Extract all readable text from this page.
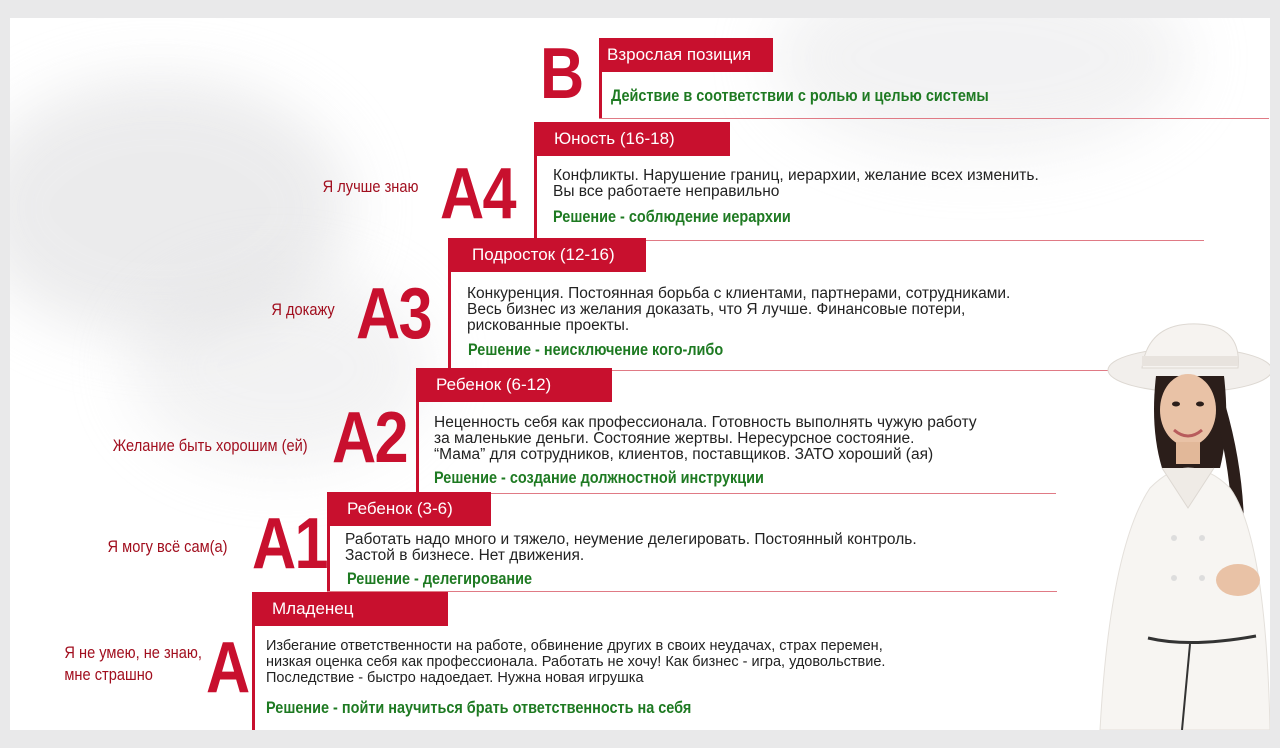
В	Взрослая позиция
Действие в соответствии с ролью и целью системы
Я лучше знаю А4
Юность (16-18)
Конфликты. Нарушение границ, иерархии, желание всех изменить.
Вы все работаете неправильно
Решение - соблюдение иерархии
Я докажу А3
Подросток (12-16)
Конкуренция. Постоянная борьба с клиентами, партнерами, сотрудниками.
Весь бизнес из желания доказать, что Я лучше. Финансовые потери,
рискованные проекты.
Решение - неисключение кого-либо
Желание быть хорошим (ей) А2
Ребенок (6-12)
Неценность себя как профессионала. Готовность выполнять чужую работу
за маленькие деньги. Состояние жертвы. Нересурсное состояние.
“Мама” для сотрудников, клиентов, поставщиков. ЗАТО хороший (ая)
Решение - создание должностной инструкции
Я могу всё сам(а) А1	Ребенок (3-6)
Работать надо много и тяжело, неумение делегировать. Постоянный контроль.
Застой в бизнесе. Нет движения.
Решение - делегирование
Я не умею, не знаю,
мне страшно А
Младенец
Избегание ответственности на работе, обвинение других в своих неудачах, страх перемен,
низкая оценка себя как профессионала. Работать не хочу! Как бизнес - игра, удовольствие.
Последствие - быстро надоедает. Нужна новая игрушка
Решение - пойти научиться брать ответственность на себя
